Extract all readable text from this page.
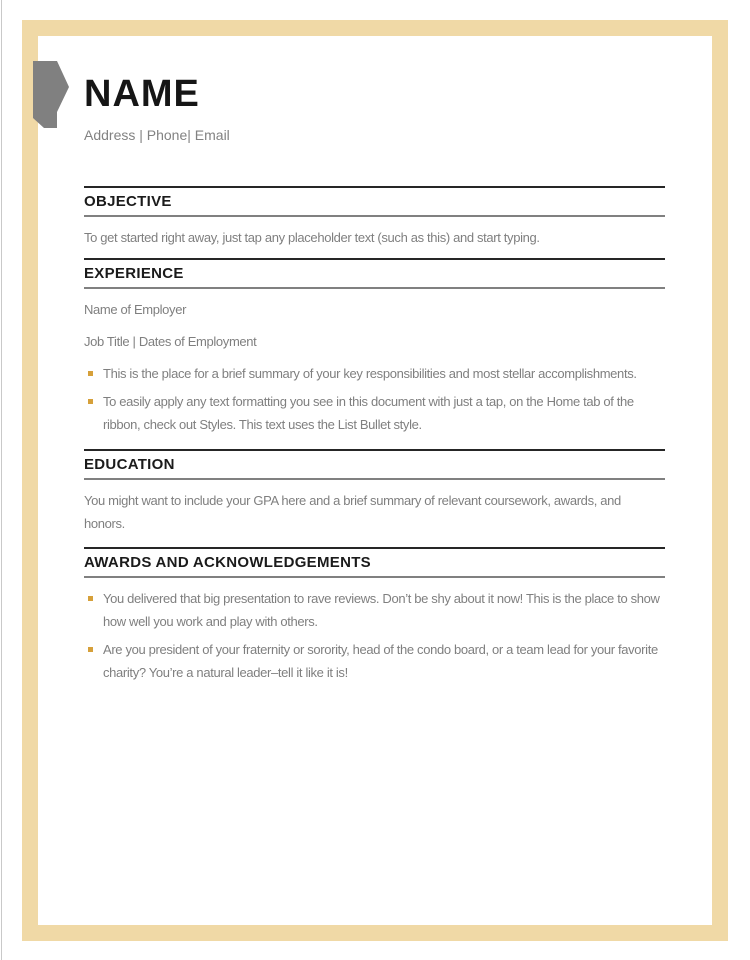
NAME

Address | Phone| Email

OBJECTIVE

To get started right away, just tap any placeholder text (such as this) and start typing.

EXPERIENCE

Name of Employer

Job Title | Dates of Employment

This is the place for a brief summary of your key responsibilities and most stellar accomplishments.
To easily apply any text formatting you see in this document with just a tap, on the Home tab of the ribbon, check out Styles. This text uses the List Bullet style.
EDUCATION

You might want to include your GPA here and a brief summary of relevant coursework, awards, and honors.

AWARDS AND ACKNOWLEDGEMENTS
You delivered that big presentation to rave reviews. Don’t be shy about it now! This is the place to show how well you work and play with others.
Are you president of your fraternity or sorority, head of the condo board, or a team lead for your favorite charity? You’re a natural leader–tell it like it is!
